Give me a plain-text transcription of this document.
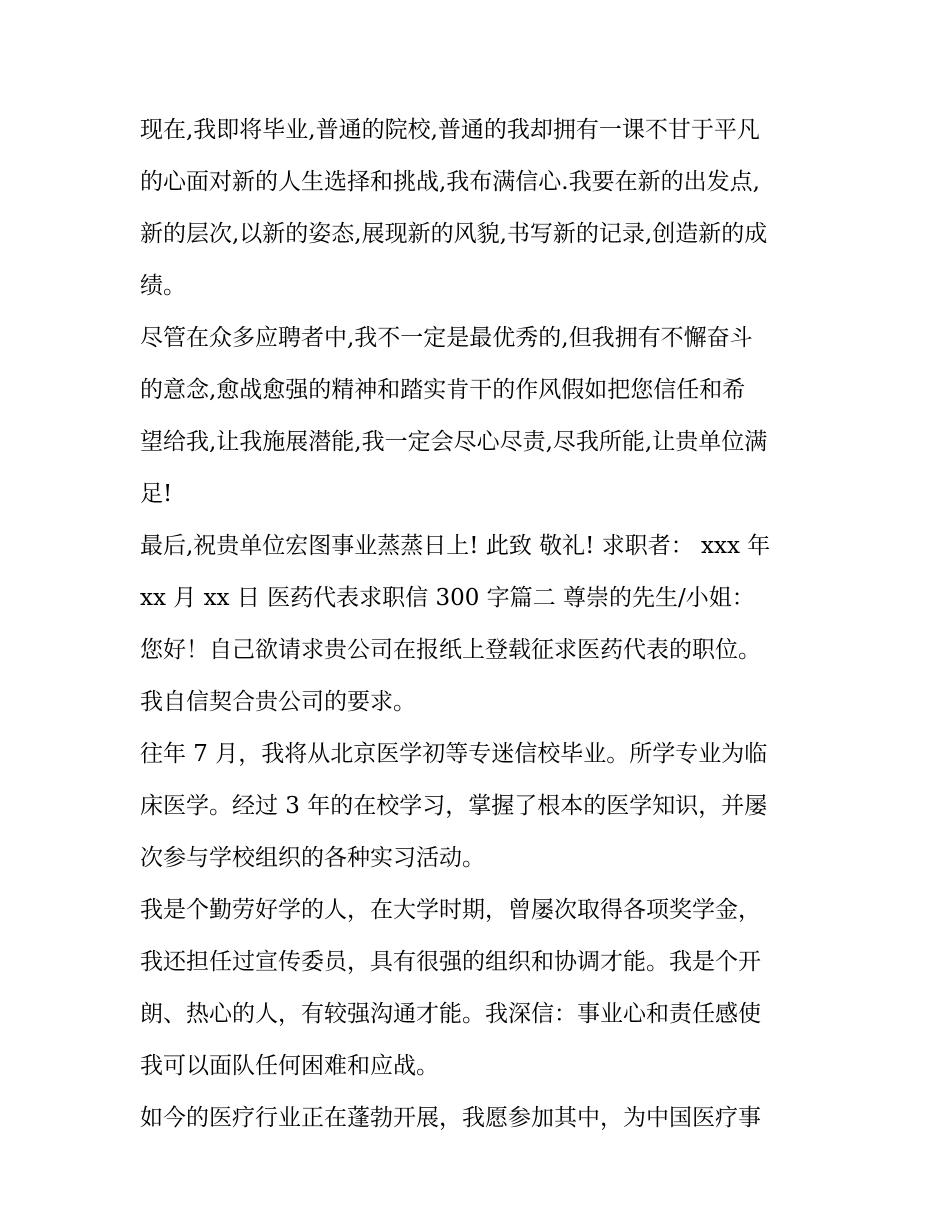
现在,我即将毕业,普通的院校,普通的我却拥有一课不甘于平凡
的心面对新的人生选择和挑战,我布满信心.我要在新的出发点,
新的层次,以新的姿态,展现新的风貌,书写新的记录,创造新的成
绩。
尽管在众多应聘者中,我不一定是最优秀的,但我拥有不懈奋斗
的意念,愈战愈强的精神和踏实肯干的作风假如把您信任和希
望给我,让我施展潜能,我一定会尽心尽责,尽我所能,让贵单位满
足!
最后,祝贵单位宏图事业蒸蒸日上! 此致 敬礼! 求职者： xxx 年
xx 月 xx 日 医药代表求职信 300 字篇二 尊崇的先生/小姐：
您好！自己欲请求贵公司在报纸上登载征求医药代表的职位。
我自信契合贵公司的要求。
往年 7 月，我将从北京医学初等专迷信校毕业。所学专业为临
床医学。经过 3 年的在校学习，掌握了根本的医学知识，并屡
次参与学校组织的各种实习活动。
我是个勤劳好学的人，在大学时期，曾屡次取得各项奖学金，
我还担任过宣传委员，具有很强的组织和协调才能。我是个开
朗、热心的人，有较强沟通才能。我深信：事业心和责任感使
我可以面队任何困难和应战。
如今的医疗行业正在蓬勃开展，我愿参加其中，为中国医疗事
